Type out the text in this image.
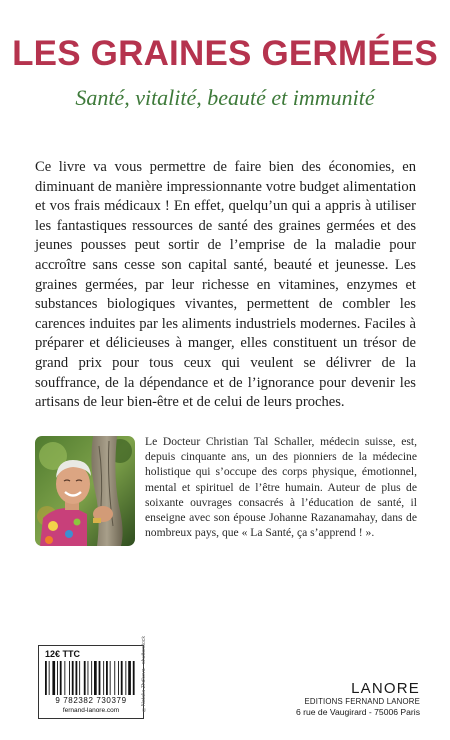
LES GRAINES GERMÉES
Santé, vitalité, beauté et immunité
Ce livre va vous permettre de faire bien des économies, en diminuant de manière impressionnante votre budget alimentation et vos frais médicaux ! En effet, quelqu’un qui a appris à utiliser les fantastiques ressources de santé des graines germées et des jeunes pousses peut sortir de l’emprise de la maladie pour accroître sans cesse son capital santé, beauté et jeunesse. Les graines germées, par leur richesse en vitamines, enzymes et substances biologiques vivantes, permettent de combler les carences induites par les aliments industriels modernes. Faciles à préparer et délicieuses à manger, elles constituent un trésor de grand prix pour tous ceux qui veulent se délivrer de la souffrance, de la dépendance et de l’ignorance pour devenir les artisans de leur bien-être et de celui de leurs proches.
Le Docteur Christian Tal Schaller, médecin suisse, est, depuis cinquante ans, un des pionniers de la médecine holistique qui s’occupe des corps physique, émotionnel, mental et spirituel de l’être humain. Auteur de plus de soixante ouvrages consacrés à l’éducation de santé, il enseigne avec son épouse Johanne Razanamahay, dans de nombreux pays, que « La Santé, ça s’apprend ! ».
12€ TTC
9 782382 730379
fernand-lanore.com	©Natalia Zhdkova - shutterstock	LANORE
EDITIONS FERNAND LANORE
6 rue de Vaugirard - 75006 Paris
